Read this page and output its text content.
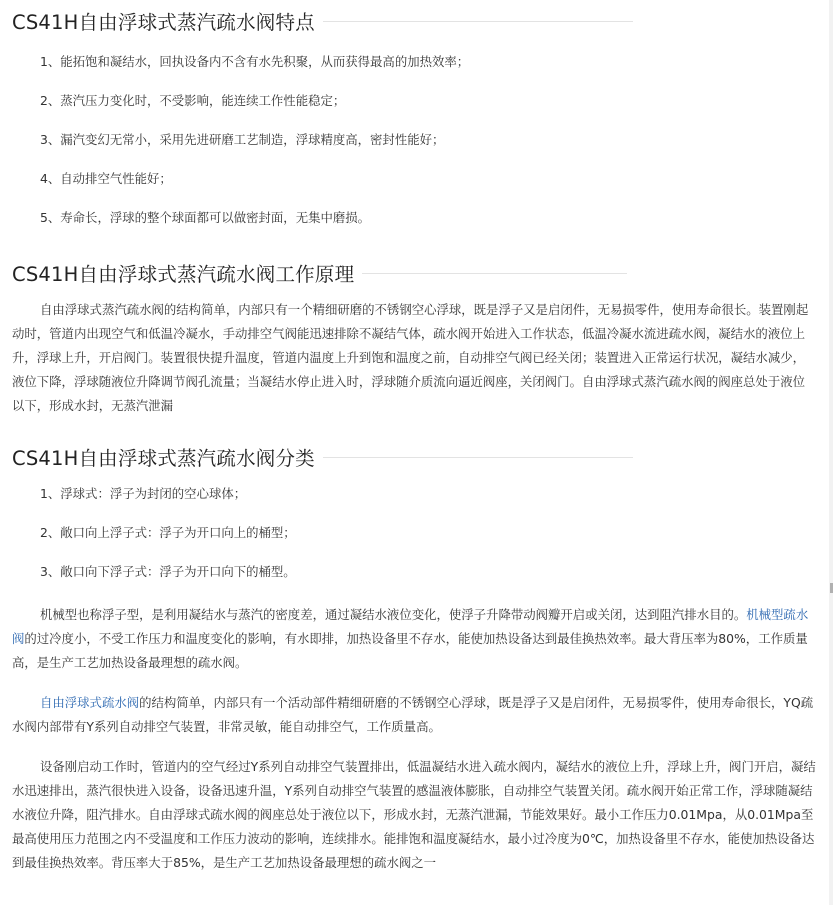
CS41H自由浮球式蒸汽疏水阀特点

1、能拓饱和凝结水，回执设备内不含有水先积聚，从而获得最高的加热效率；

2、蒸汽压力变化时，不受影响，能连续工作性能稳定；

3、漏汽变幻无常小，采用先进研磨工艺制造，浮球精度高，密封性能好；

4、自动排空气性能好；

5、寿命长，浮球的整个球面都可以做密封面，无集中磨损。

CS41H自由浮球式蒸汽疏水阀工作原理

自由浮球式蒸汽疏水阀的结构简单，内部只有一个精细研磨的不锈钢空心浮球，既是浮子又是启闭件，无易损零件，使用寿命很长。装置刚起动时，管道内出现空气和低温冷凝水，手动排空气阀能迅速排除不凝结气体，疏水阀开始进入工作状态，低温冷凝水流进疏水阀，凝结水的液位上升，浮球上升，开启阀门。装置很快提升温度，管道内温度上升到饱和温度之前，自动排空气阀已经关闭；装置进入正常运行状况，凝结水减少，液位下降，浮球随液位升降调节阀孔流量；当凝结水停止进入时，浮球随介质流向逼近阀座，关闭阀门。自由浮球式蒸汽疏水阀的阀座总处于液位以下，形成水封，无蒸汽泄漏

CS41H自由浮球式蒸汽疏水阀分类

1、浮球式：浮子为封闭的空心球体；

2、敞口向上浮子式：浮子为开口向上的桶型；

3、敞口向下浮子式：浮子为开口向下的桶型。

机械型也称浮子型，是利用凝结水与蒸汽的密度差，通过凝结水液位变化，使浮子升降带动阀瓣开启或关闭，达到阻汽排水目的。机械型疏水阀的过冷度小，不受工作压力和温度变化的影响，有水即排，加热设备里不存水，能使加热设备达到最佳换热效率。最大背压率为80%，工作质量高，是生产工艺加热设备最理想的疏水阀。

自由浮球式疏水阀的结构简单，内部只有一个活动部件精细研磨的不锈钢空心浮球，既是浮子又是启闭件，无易损零件，使用寿命很长，YQ疏水阀内部带有Y系列自动排空气装置，非常灵敏，能自动排空气，工作质量高。

设备刚启动工作时，管道内的空气经过Y系列自动排空气装置排出，低温凝结水进入疏水阀内，凝结水的液位上升，浮球上升，阀门开启，凝结水迅速排出，蒸汽很快进入设备，设备迅速升温，Y系列自动排空气装置的感温液体膨胀，自动排空气装置关闭。疏水阀开始正常工作，浮球随凝结水液位升降，阻汽排水。自由浮球式疏水阀的阀座总处于液位以下，形成水封，无蒸汽泄漏，节能效果好。最小工作压力0.01Mpa，从0.01Mpa至最高使用压力范围之内不受温度和工作压力波动的影响，连续排水。能排饱和温度凝结水，最小过冷度为0℃，加热设备里不存水，能使加热设备达到最佳换热效率。背压率大于85%，是生产工艺加热设备最理想的疏水阀之一
